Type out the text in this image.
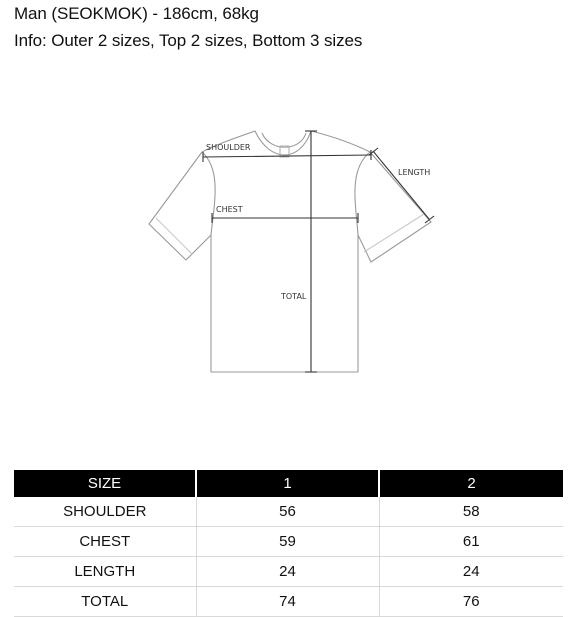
Man (SEOKMOK) - 186cm, 68kg

Info: Outer 2 sizes, Top 2 sizes, Bottom 3 sizes

SHOULDER
LENGTH
CHEST
TOTAL
SIZE	1	2
SHOULDER	56	58
CHEST	59	61
LENGTH	24	24
TOTAL	74	76
